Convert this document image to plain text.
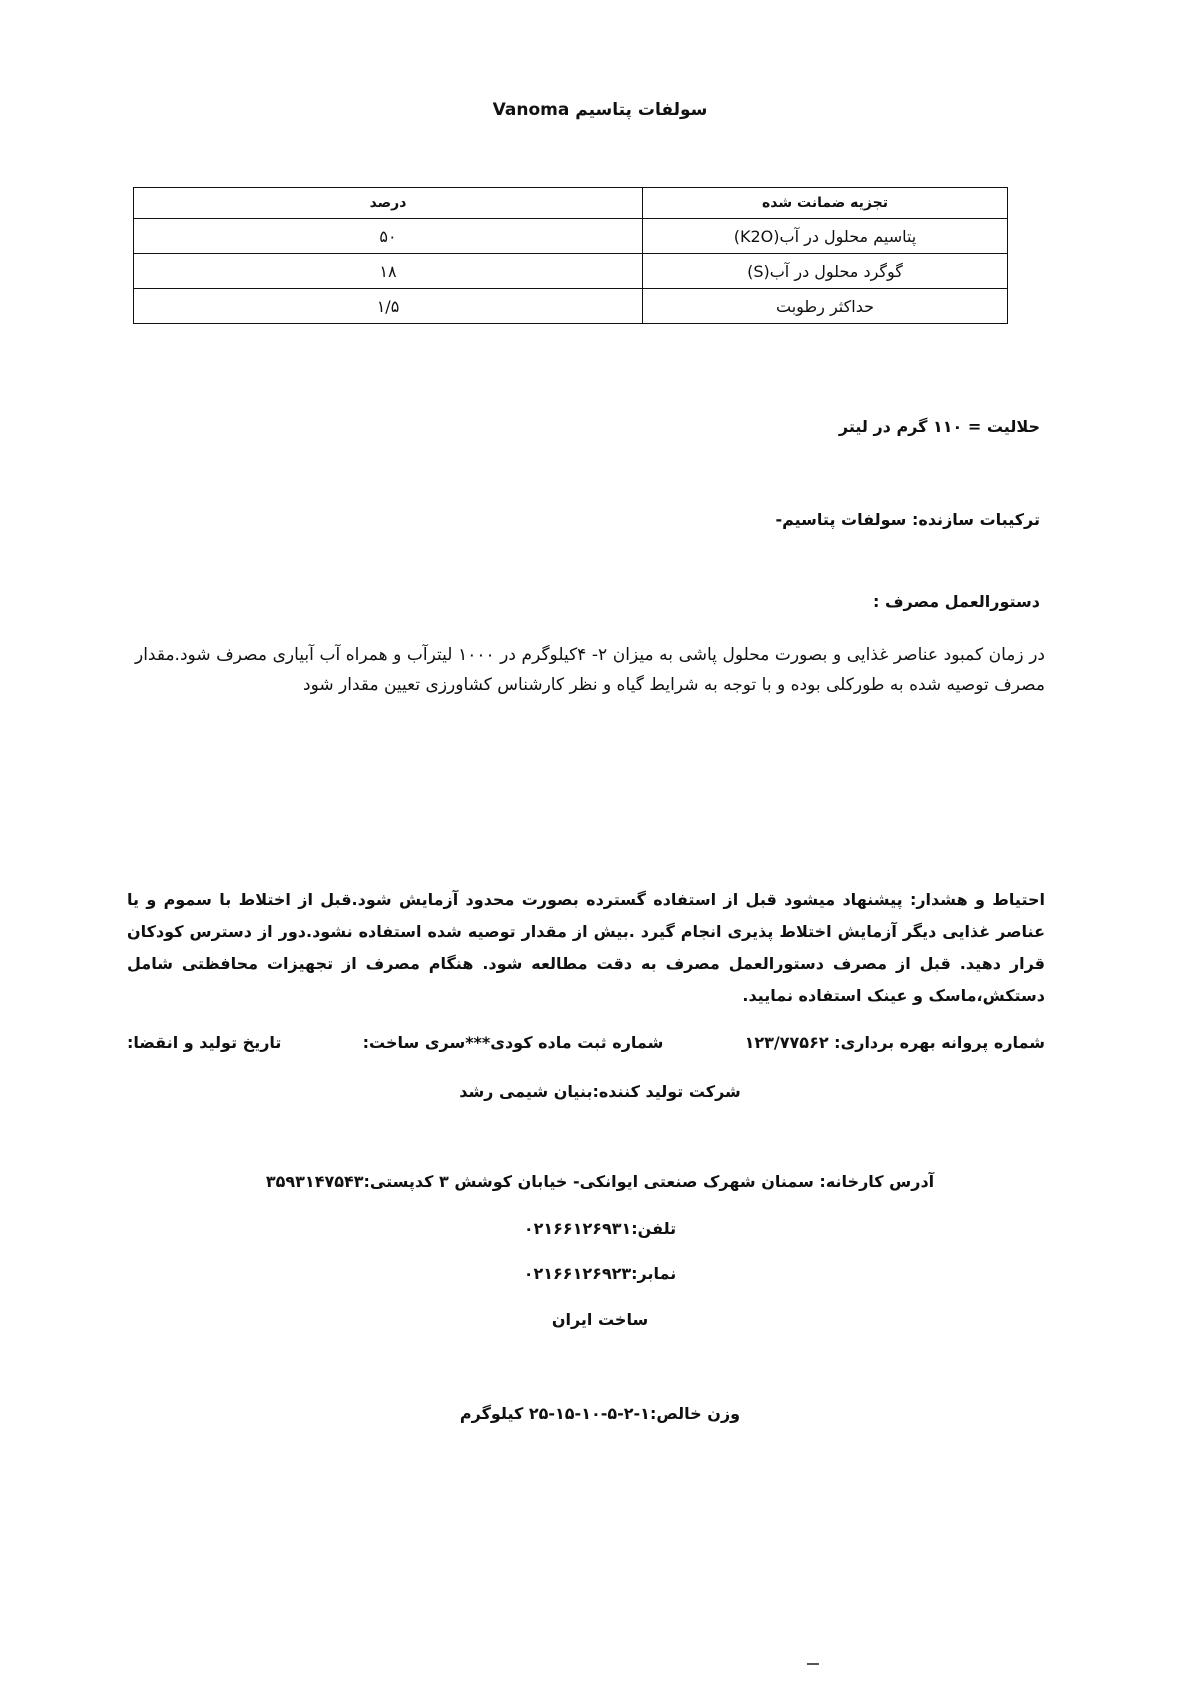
Vanoma سولفات پتاسیم
تجزیه ضمانت شده	درصد
پتاسیم محلول در آب(K2O)	۵۰
گوگرد محلول در آب(S)	۱۸
حداکثر رطوبت	۱/۵
حلالیت = ۱۱۰ گرم در لیتر
ترکیبات سازنده: سولفات پتاسیم-
دستورالعمل مصرف :
در زمان کمبود عناصر غذایی و بصورت محلول پاشی به میزان ۲- ۴کیلوگرم در ۱۰۰۰ لیترآب و همراه آب آبیاری مصرف شود.مقدار مصرف توصیه شده به طورکلی بوده و با توجه به شرایط گیاه و نظر کارشناس کشاورزی تعیین مقدار شود
احتیاط و هشدار: پیشنهاد میشود قبل از استفاده گسترده بصورت محدود آزمایش شود.قبل از اختلاط با سموم و یا عناصر غذایی دیگر آزمایش اختلاط پذیری انجام گیرد .بیش از مقدار توصیه شده استفاده نشود.دور از دسترس کودکان قرار دهید. قبل از مصرف دستورالعمل مصرف به دقت مطالعه شود. هنگام مصرف از تجهیزات محافظتی شامل دستکش،ماسک و عینک استفاده نمایید.
شماره پروانه بهره برداری: ۱۲۳/۷۷۵۶۲
شماره ثبت ماده کودی***سری ساخت:
تاریخ تولید و انقضا:
شرکت تولید کننده:بنیان شیمی رشد
آدرس کارخانه: سمنان شهرک صنعتی ایوانکی- خیابان کوشش ۳ کدپستی:۳۵۹۳۱۴۷۵۴۳
تلفن:۰۲۱۶۶۱۲۶۹۳۱
نمابر:۰۲۱۶۶۱۲۶۹۲۳
ساخت ایران
وزن خالص:۱-۲-۵-۱۰-۱۵-۲۵ کیلوگرم
